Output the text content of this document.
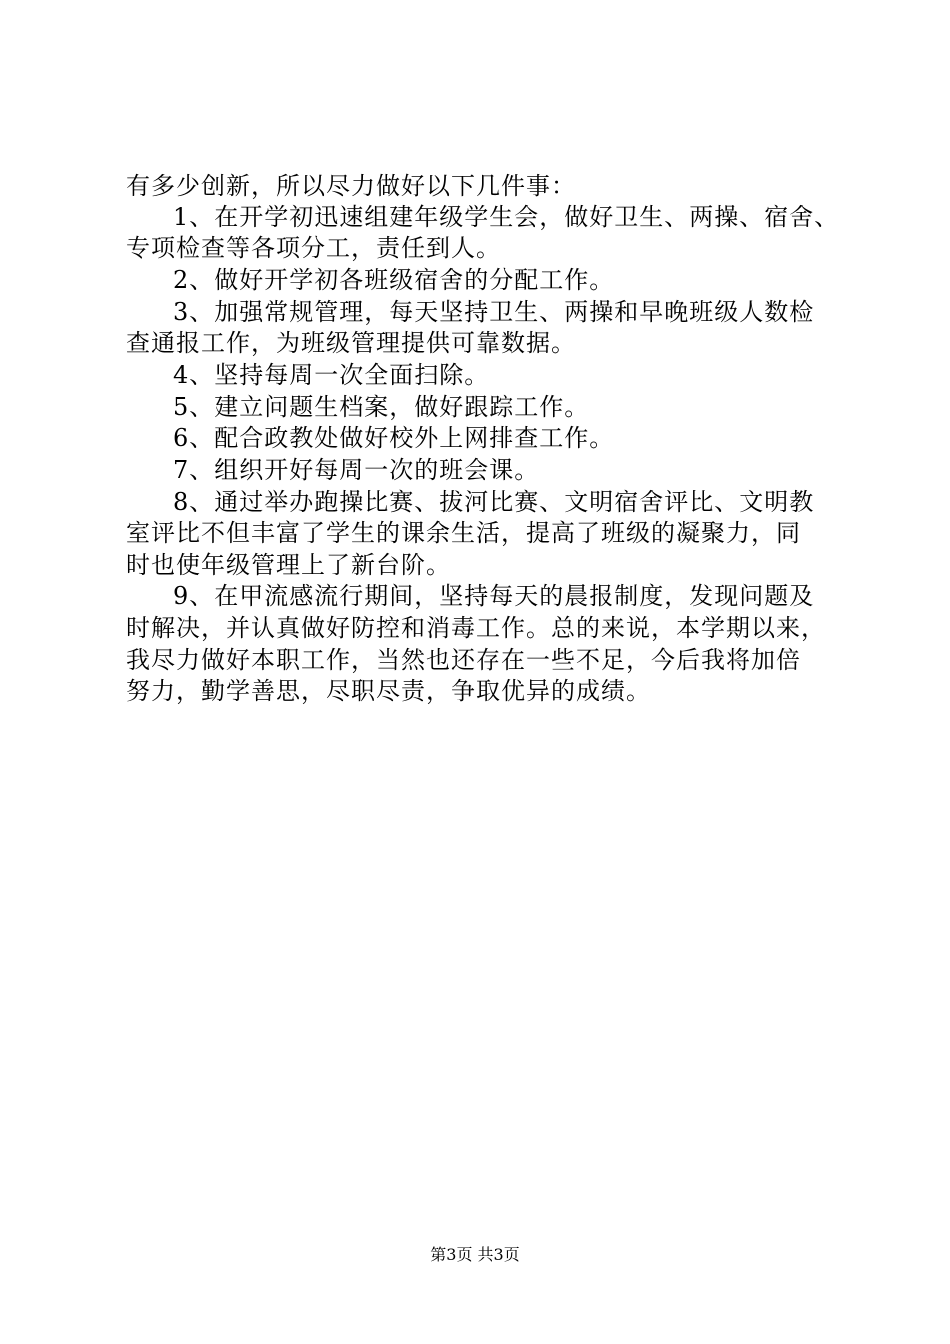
有多少创新，所以尽力做好以下几件事：
1、在开学初迅速组建年级学生会，做好卫生、两操、宿舍、
专项检查等各项分工，责任到人。
2、做好开学初各班级宿舍的分配工作。
3、加强常规管理，每天坚持卫生、两操和早晚班级人数检
查通报工作，为班级管理提供可靠数据。
4、坚持每周一次全面扫除。
5、建立问题生档案，做好跟踪工作。
6、配合政教处做好校外上网排查工作。
7、组织开好每周一次的班会课。
8、通过举办跑操比赛、拔河比赛、文明宿舍评比、文明教
室评比不但丰富了学生的课余生活，提高了班级的凝聚力，同
时也使年级管理上了新台阶。
9、在甲流感流行期间，坚持每天的晨报制度，发现问题及
时解决，并认真做好防控和消毒工作。总的来说，本学期以来，
我尽力做好本职工作，当然也还存在一些不足，今后我将加倍
努力，勤学善思，尽职尽责，争取优异的成绩。
第3页 共3页
